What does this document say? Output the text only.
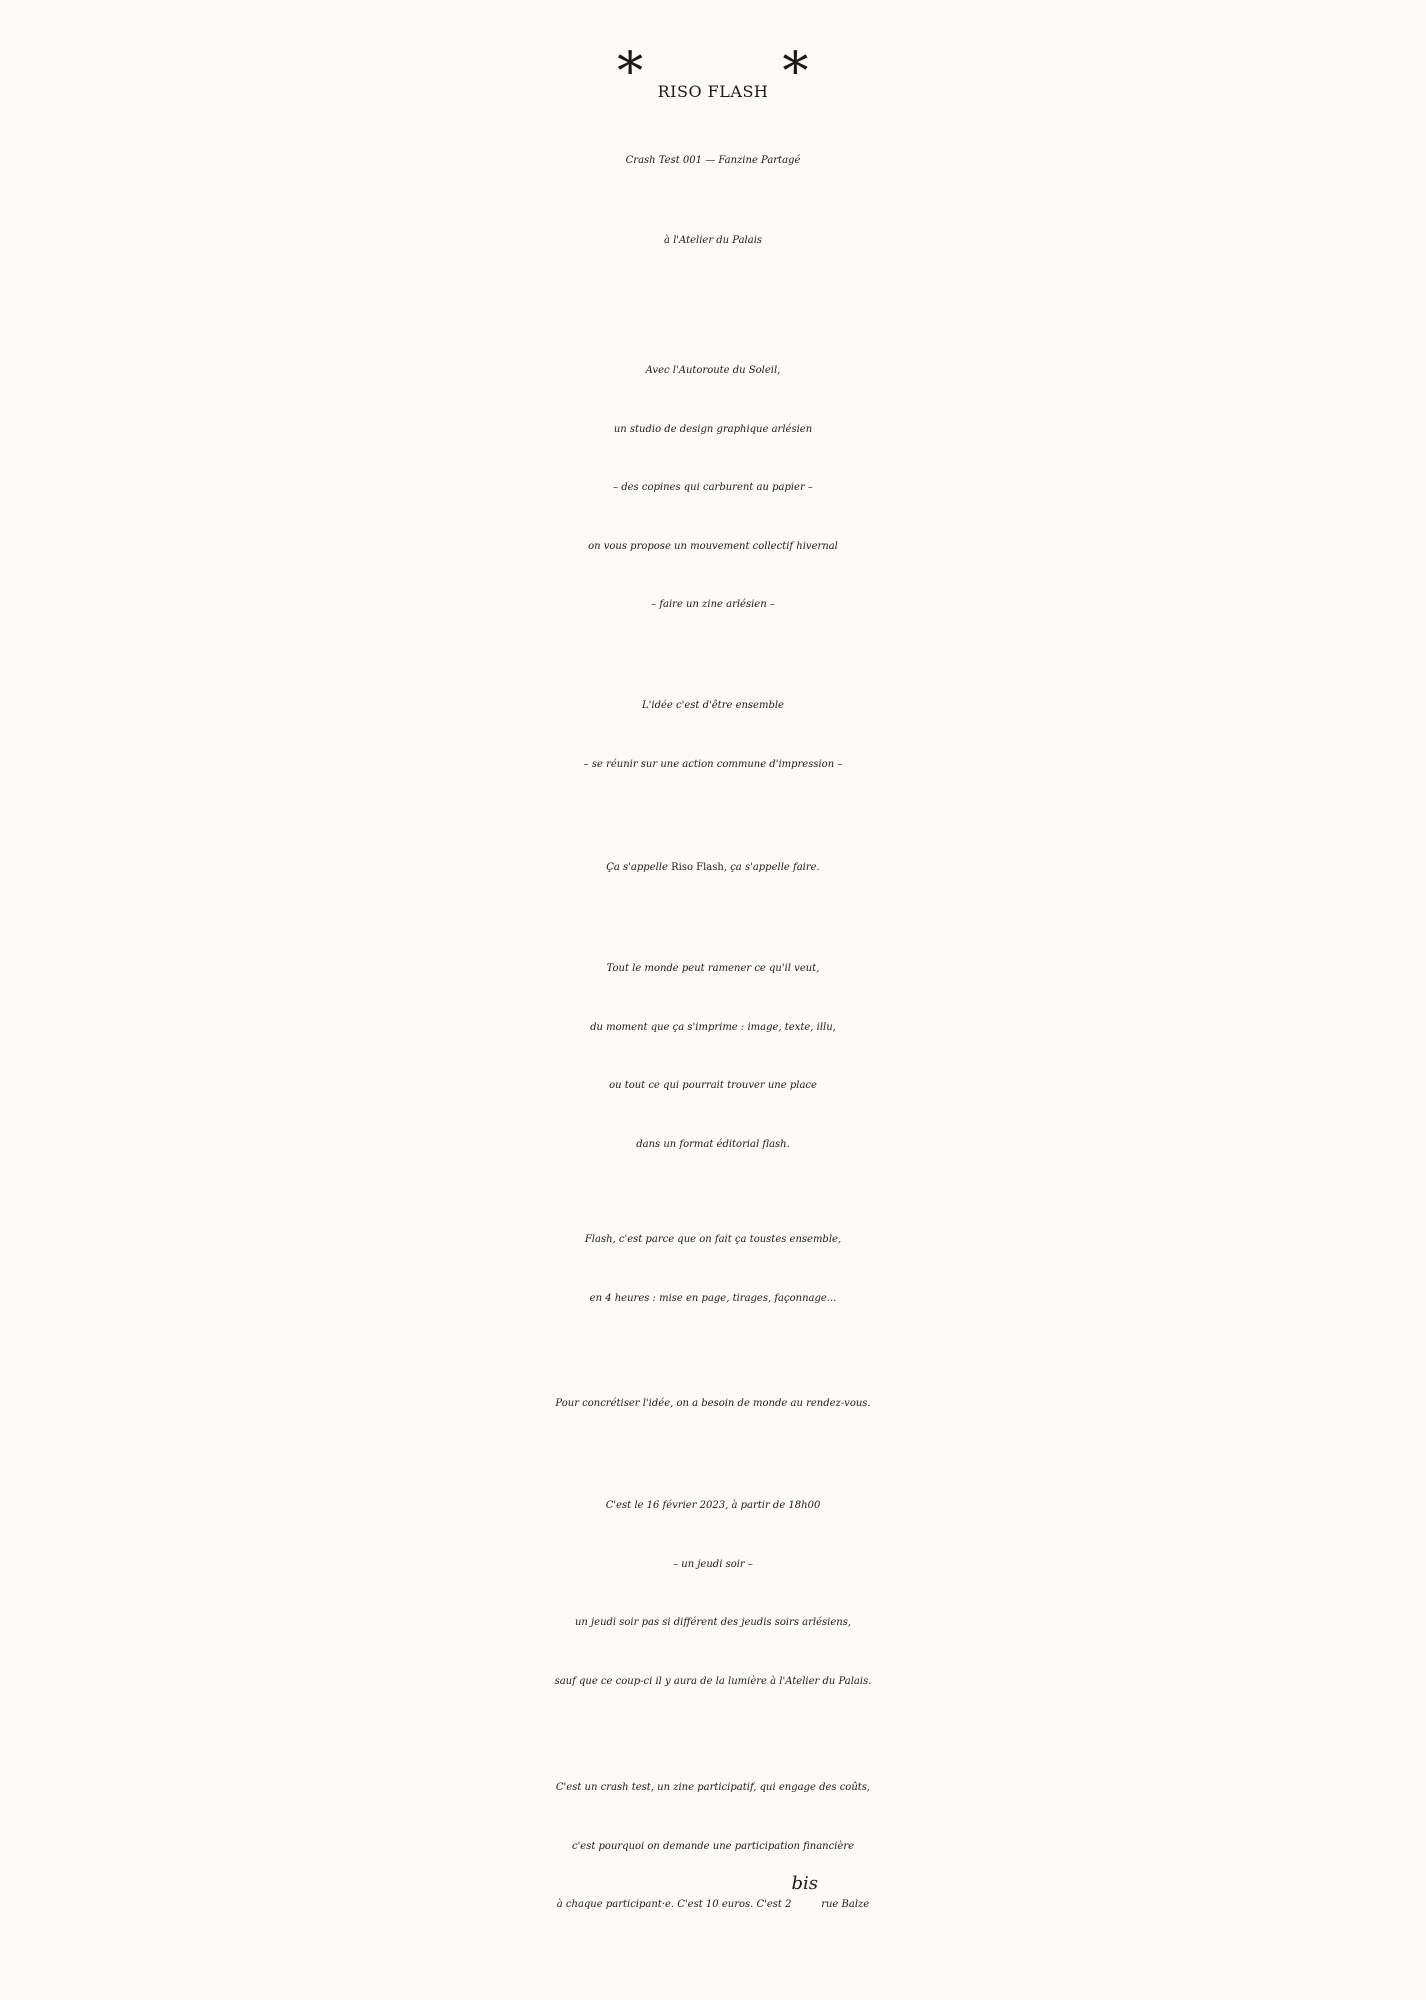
* RISO FLASH *
Crash Test 001 — Fanzine Partagé
à l'Atelier du Palais
Avec l'Autoroute du Soleil,
un studio de design graphique arlésien
– des copines qui carburent au papier –
on vous propose un mouvement collectif hivernal
– faire un zine arlésien –
L'idée c'est d'être ensemble
– se réunir sur une action commune d'impression –
Ça s'appelle Riso Flash, ça s'appelle faire.
Tout le monde peut ramener ce qu'il veut,
du moment que ça s'imprime : image, texte, illu,
ou tout ce qui pourrait trouver une place
dans un format éditorial flash.
Flash, c'est parce que on fait ça toustes ensemble,
en 4 heures : mise en page, tirages, façonnage...
Pour concrétiser l'idée, on a besoin de monde au rendez-vous.
C'est le 16 février 2023, à partir de 18h00
– un jeudi soir –
un jeudi soir pas si différent des jeudis soirs arlésiens,
sauf que ce coup-ci il y aura de la lumière à l'Atelier du Palais.
C'est un crash test, un zine participatif, qui engage des coûts,
c'est pourquoi on demande une participation financière
à chaque participant·e. C'est 10 euros. C'est $2^{bis}$ rue Balze
